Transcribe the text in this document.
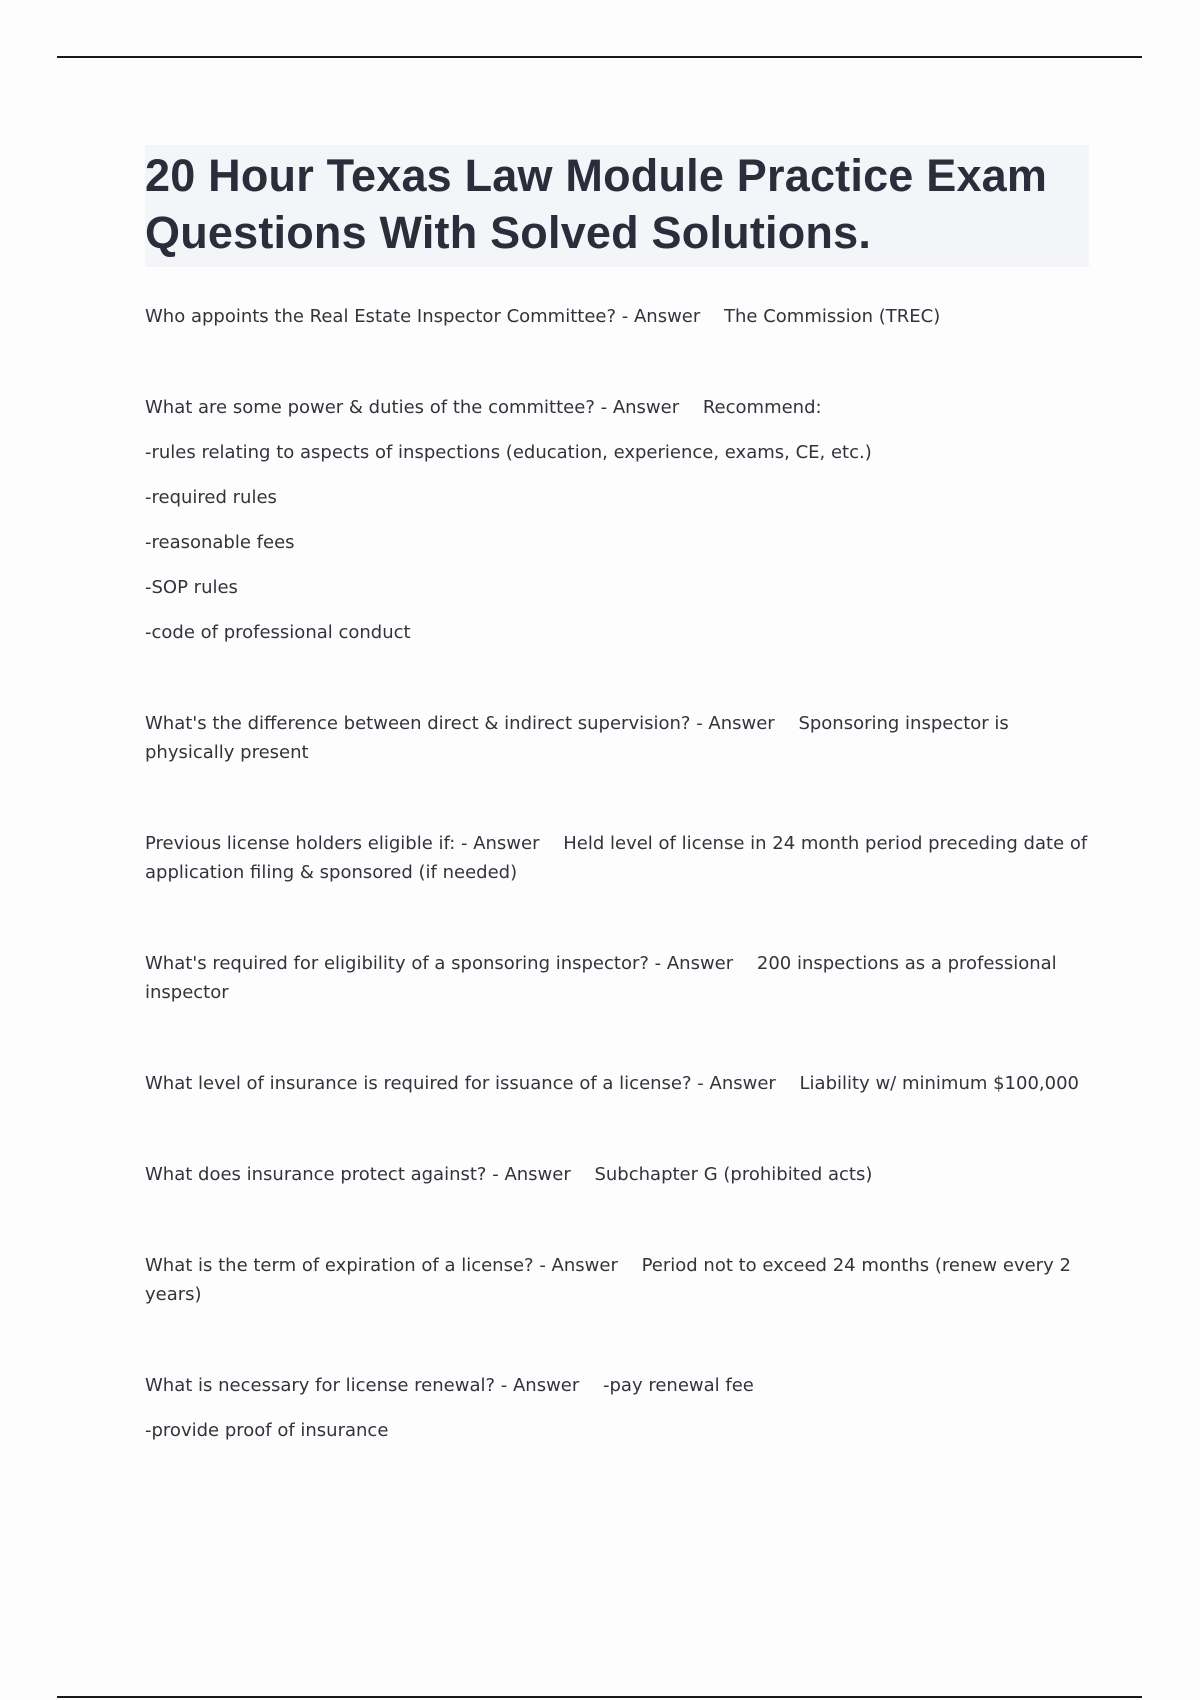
20 Hour Texas Law Module Practice Exam Questions With Solved Solutions.

Who appoints the Real Estate Inspector Committee? - Answer The Commission (TREC)

What are some power & duties of the committee? - Answer Recommend:

-rules relating to aspects of inspections (education, experience, exams, CE, etc.)

-required rules

-reasonable fees

-SOP rules

-code of professional conduct

What's the difference between direct & indirect supervision? - Answer Sponsoring inspector is physically present

Previous license holders eligible if: - Answer Held level of license in 24 month period preceding date of application filing & sponsored (if needed)

What's required for eligibility of a sponsoring inspector? - Answer 200 inspections as a professional inspector

What level of insurance is required for issuance of a license? - Answer Liability w/ minimum $100,000

What does insurance protect against? - Answer Subchapter G (prohibited acts)

What is the term of expiration of a license? - Answer Period not to exceed 24 months (renew every 2 years)

What is necessary for license renewal? - Answer -pay renewal fee

-provide proof of insurance
